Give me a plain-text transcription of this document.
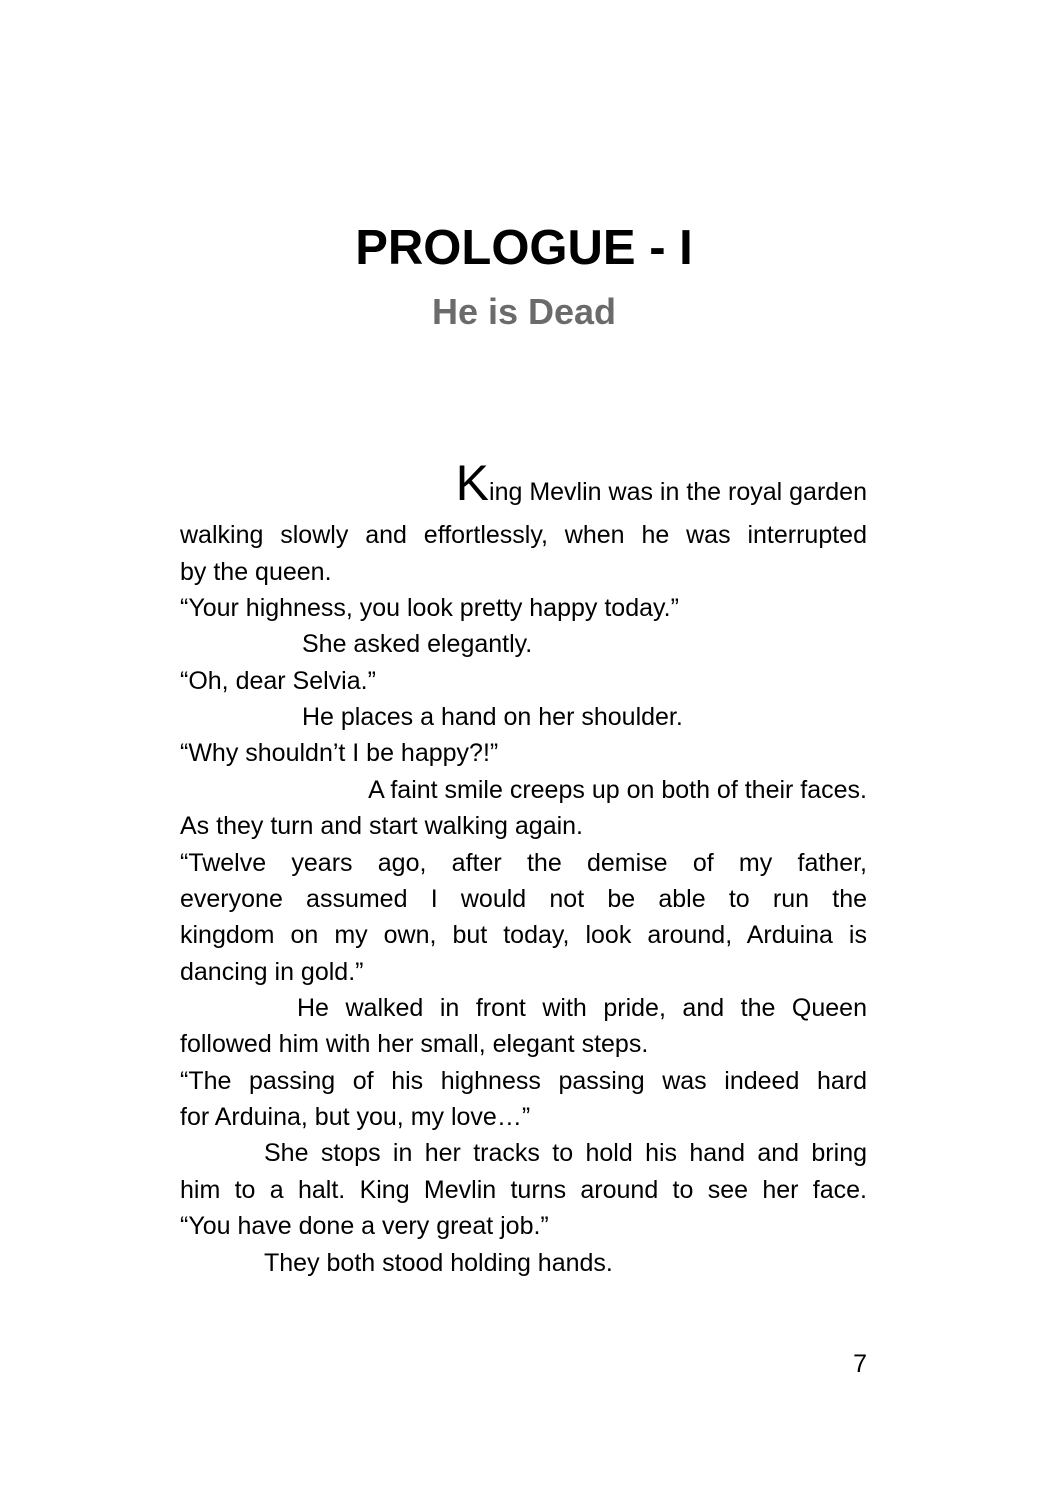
PROLOGUE - I
He is Dead

King Mevlin was in the royal garden

walking slowly and effortlessly, when he was interrupted

by the queen.

“Your highness, you look pretty happy today.”

She asked elegantly.

“Oh, dear Selvia.”

He places a hand on her shoulder.

“Why shouldn’t I be happy?!”

A faint smile creeps up on both of their faces.

As they turn and start walking again.

“Twelve years ago, after the demise of my father,

everyone assumed I would not be able to run the

kingdom on my own, but today, look around, Arduina is

dancing in gold.”

He walked in front with pride, and the Queen

followed him with her small, elegant steps.

“The passing of his highness passing was indeed hard

for Arduina, but you, my love…”

She stops in her tracks to hold his hand and bring

him to a halt. King Mevlin turns around to see her face.

“You have done a very great job.”

They both stood holding hands.

7
